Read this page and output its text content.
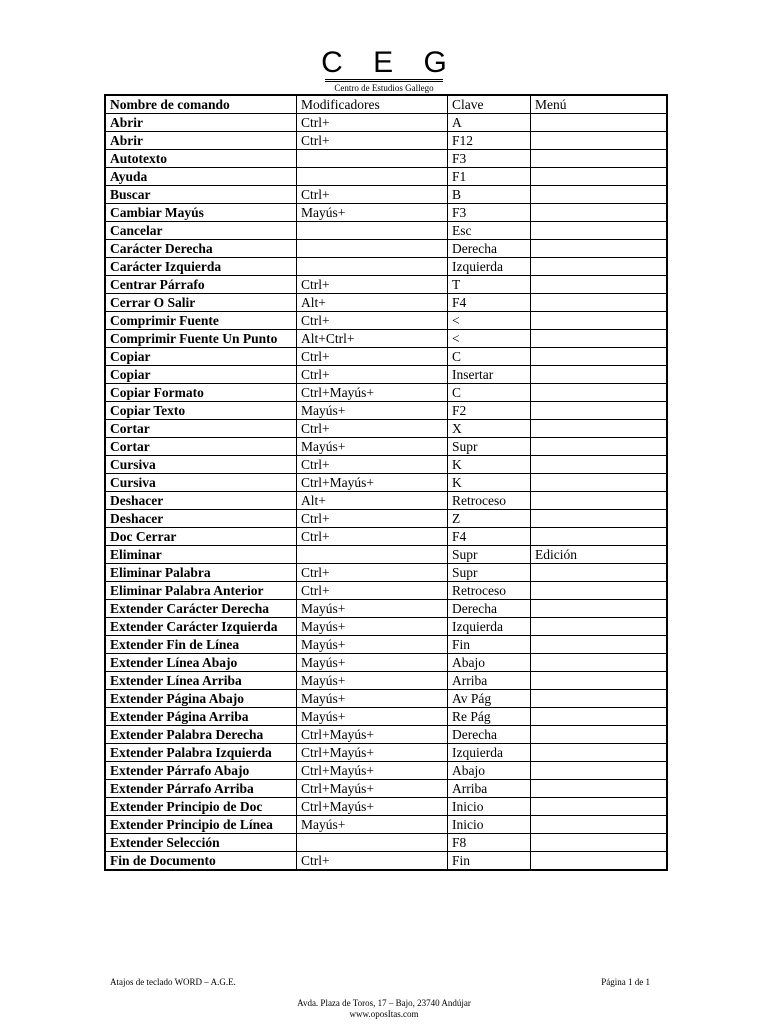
C E G
Centro de Estudios Gallego
Nombre de comando	Modificadores	Clave	Menú
Abrir	Ctrl+	A	
Abrir	Ctrl+	F12	
Autotexto		F3	
Ayuda		F1	
Buscar	Ctrl+	B	
Cambiar Mayús	Mayús+	F3	
Cancelar		Esc	
Carácter Derecha		Derecha	
Carácter Izquierda		Izquierda	
Centrar Párrafo	Ctrl+	T	
Cerrar O Salir	Alt+	F4	
Comprimir Fuente	Ctrl+	<	
Comprimir Fuente Un Punto	Alt+Ctrl+	<	
Copiar	Ctrl+	C	
Copiar	Ctrl+	Insertar	
Copiar Formato	Ctrl+Mayús+	C	
Copiar Texto	Mayús+	F2	
Cortar	Ctrl+	X	
Cortar	Mayús+	Supr	
Cursiva	Ctrl+	K	
Cursiva	Ctrl+Mayús+	K	
Deshacer	Alt+	Retroceso	
Deshacer	Ctrl+	Z	
Doc Cerrar	Ctrl+	F4	
Eliminar		Supr	Edición
Eliminar Palabra	Ctrl+	Supr	
Eliminar Palabra Anterior	Ctrl+	Retroceso	
Extender Carácter Derecha	Mayús+	Derecha	
Extender Carácter Izquierda	Mayús+	Izquierda	
Extender Fin de Línea	Mayús+	Fin	
Extender Línea Abajo	Mayús+	Abajo	
Extender Línea Arriba	Mayús+	Arriba	
Extender Página Abajo	Mayús+	Av Pág	
Extender Página Arriba	Mayús+	Re Pág	
Extender Palabra Derecha	Ctrl+Mayús+	Derecha	
Extender Palabra Izquierda	Ctrl+Mayús+	Izquierda	
Extender Párrafo Abajo	Ctrl+Mayús+	Abajo	
Extender Párrafo Arriba	Ctrl+Mayús+	Arriba	
Extender Principio de Doc	Ctrl+Mayús+	Inicio	
Extender Principio de Línea	Mayús+	Inicio	
Extender Selección		F8	
Fin de Documento	Ctrl+	Fin	
Atajos de teclado WORD – A.G.E.	Página 1 de 1
Avda. Plaza de Toros, 17 – Bajo, 23740 Andújar
www.oposItas.com
